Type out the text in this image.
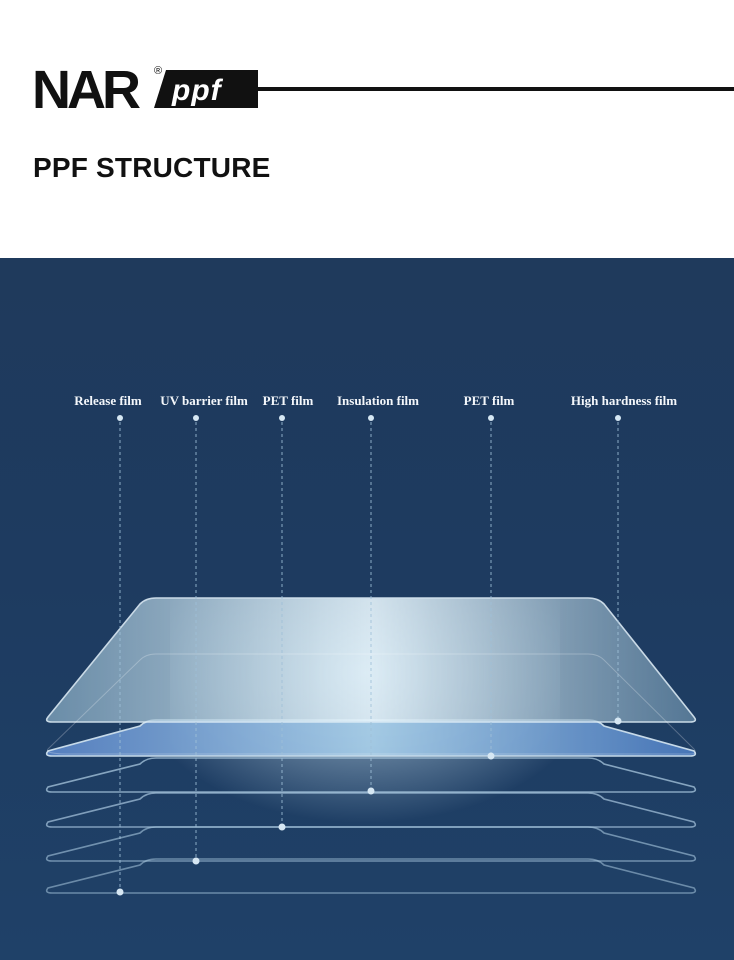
NAR ®
ppf
PPF STRUCTURE
Release film UV barrier film PET film Insulation film	PET film	High hardness film
